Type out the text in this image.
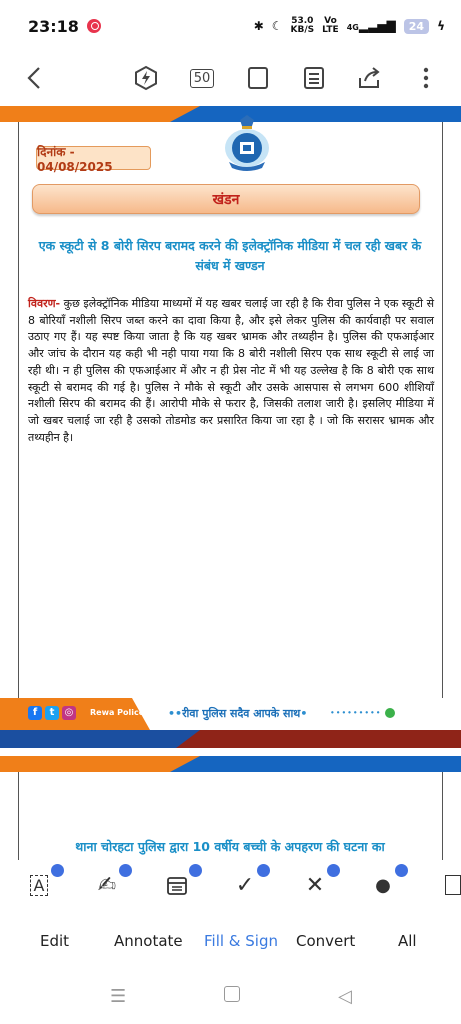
23:18	✱ ☾ 53.0
KB/S
Vo
LTE 4G▂▃▅▇	24	ϟ
50
दिनांक - 04/08/2025
खंडन
एक स्कूटी से 8 बोरी सिरप बरामद करने की इलेक्ट्रॉनिक मीडिया में चल रही खबर के संबंध में खण्डन
विवरण- कुछ इलेक्ट्रॉनिक मीडिया माध्यमों में यह खबर चलाई जा रही है कि रीवा पुलिस ने एक स्कूटी से 8 बोरियाँ नशीली सिरप जब्त करने का दावा किया है, और इसे लेकर पुलिस की कार्यवाही पर सवाल उठाए गए हैं। यह स्पष्ट किया जाता है कि यह खबर भ्रामक और तथ्यहीन है। पुलिस की एफआईआर और जांच के दौरान यह कही भी नही पाया गया कि 8 बोरी नशीली सिरप एक साथ स्कूटी से लाई जा रही थी। न ही पुलिस की एफआईआर में और न ही प्रेस नोट में भी यह उल्लेख है कि 8 बोरी एक साथ स्कूटी से बरामद की गई है। पुलिस ने मौके से स्कूटी और उसके आसपास से लगभग 600 शीशियाँ नशीली सिरप की बरामद की हैं। आरोपी मौके से फरार है, जिसकी तलाश जारी है। इसलिए मीडिया में जो खबर चलाई जा रही है उसको तोडमोड कर प्रसारित किया जा रहा है । जो कि सरासर भ्रामक और तथ्यहीन है।
f	t	◎	Rewa Police ••रीवा पुलिस सदैव आपके साथ•	•••••••••
थाना चोरहटा पुलिस द्वारा 10 वर्षीय बच्ची के अपहरण की घटना का
A ✍	✓ ✕	●
Edit	Annotate Fill & Sign Convert	All
☰	◁
